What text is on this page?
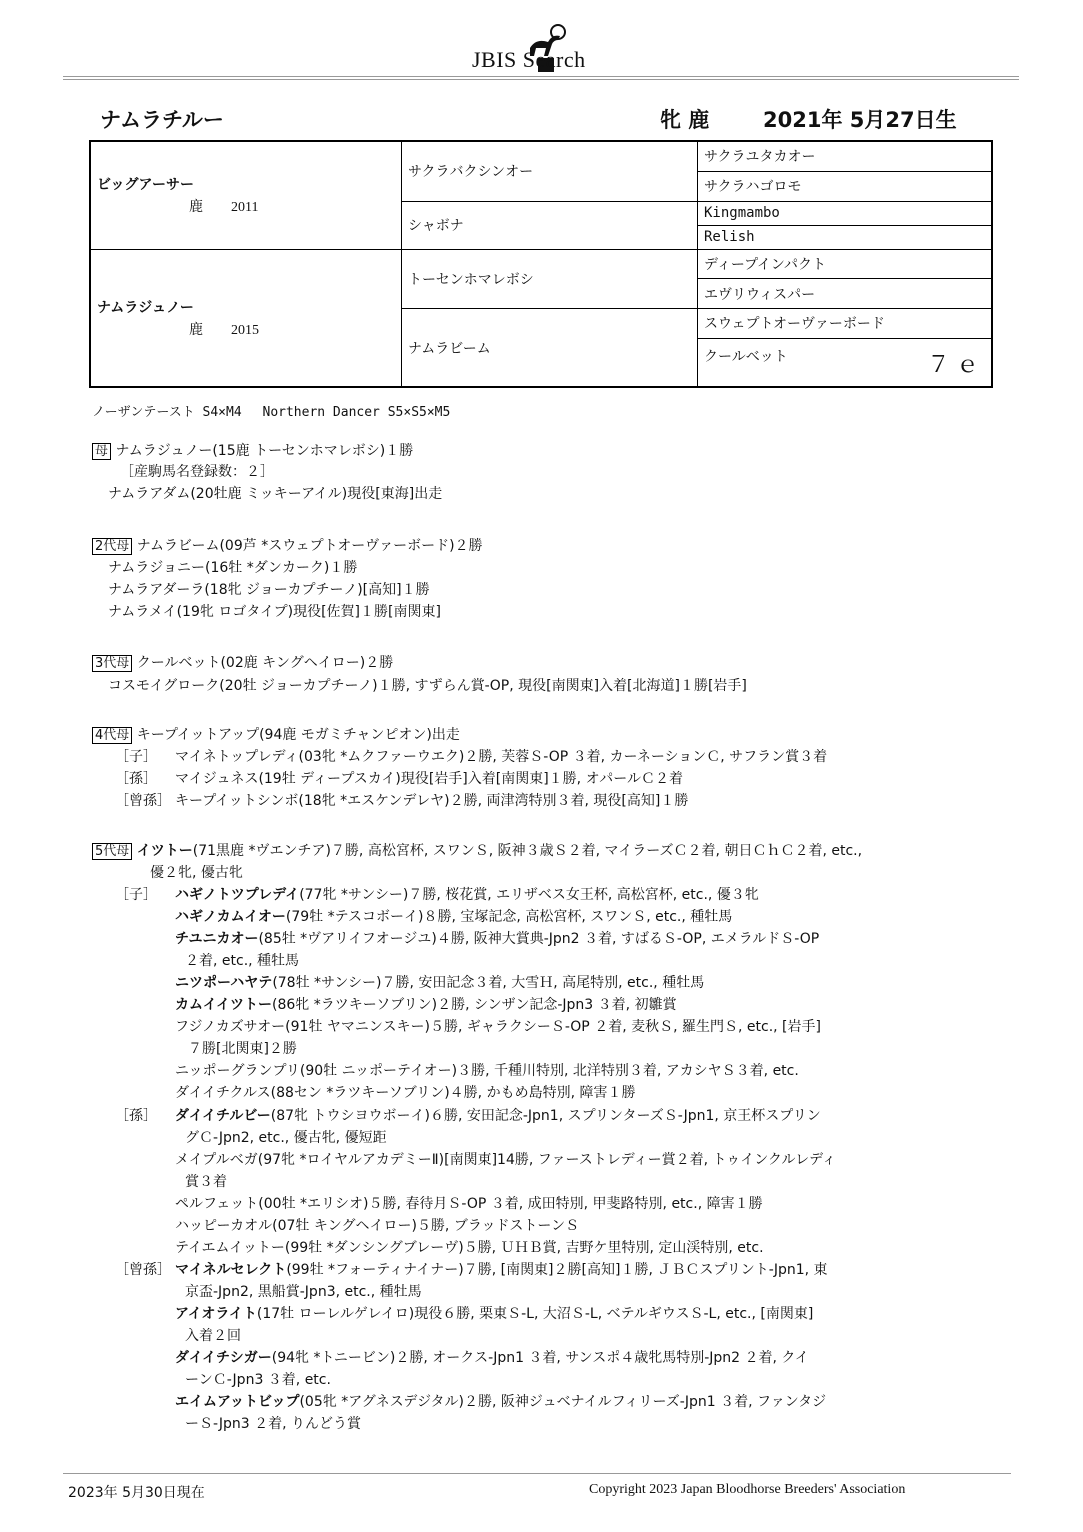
JBIS Search
ナムラチルー	牝 鹿	2021年 5月27日生
ビッグアーサー
鹿 2011	サクラバクシンオー	サクラユタカオー
		サクラハゴロモ
	シャボナ	Kingmambo
		Relish

ナムラジュノー
鹿 2015	トーセンホマレボシ	ディープインパクト
		エヴリウィスパー
	ナムラビーム	スウェプトオーヴァーボード
		クールベット ７ｅ
ノーザンテースト S4×M4　 Northern Dancer S5×S5×M5
母 ナムラジュノー(15鹿 トーセンホマレボシ)１勝
［産駒馬名登録数：２］
ナムラアダム(20牡鹿 ミッキーアイル)現役[東海]出走
2代母 ナムラビーム(09芦 *スウェプトオーヴァーボード)２勝
ナムラジョニー(16牡 *ダンカーク)１勝
ナムラアダーラ(18牝 ジョーカプチーノ)[高知]１勝
ナムラメイ(19牝 ロゴタイプ)現役[佐賀]１勝[南関東]
3代母 クールベット(02鹿 キングヘイロー)２勝
コスモイグローク(20牡 ジョーカプチーノ)１勝, すずらん賞-OP, 現役[南関東]入着[北海道]１勝[岩手]
4代母 キープイットアップ(94鹿 モガミチャンピオン)出走
［子］ マイネトップレディ(03牝 *ムクファーウエク)２勝, 芙蓉Ｓ-OP ３着, カーネーションＣ, サフラン賞３着
［孫］ マイジュネス(19牡 ディープスカイ)現役[岩手]入着[南関東]１勝, オパールＣ２着
［曾孫］ キープイットシンボ(18牝 *エスケンデレヤ)２勝, 両津湾特別３着, 現役[高知]１勝
5代母 イツトー(71黒鹿 *ヴエンチア)７勝, 高松宮杯, スワンＳ, 阪神３歳Ｓ２着, マイラーズＣ２着, 朝日ＣｈＣ２着, etc.,
優２牝, 優古牝
［子］ ハギノトツプレデイ(77牝 *サンシー)７勝, 桜花賞, エリザベス女王杯, 高松宮杯, etc., 優３牝
ハギノカムイオー(79牡 *テスコボーイ)８勝, 宝塚記念, 高松宮杯, スワンＳ, etc., 種牡馬
チユニカオー(85牡 *ヴアリイフオージユ)４勝, 阪神大賞典-Jpn2 ３着, すばるＳ-OP, エメラルドＳ-OP
２着, etc., 種牡馬
ニツポーハヤテ(78牡 *サンシー)７勝, 安田記念３着, 大雪Ｈ, 高尾特別, etc., 種牡馬
カムイイツトー(86牝 *ラツキーソブリン)２勝, シンザン記念-Jpn3 ３着, 初雛賞
フジノカズサオー(91牡 ヤマニンスキー)５勝, ギャラクシーＳ-OP ２着, 麦秋Ｓ, 羅生門Ｓ, etc., [岩手]
７勝[北関東]２勝
ニッポーグランプリ(90牡 ニッポーテイオー)３勝, 千種川特別, 北洋特別３着, アカシヤＳ３着, etc.
ダイイチクルス(88セン *ラツキーソブリン)４勝, かもめ島特別, 障害１勝
［孫］ ダイイチルビー(87牝 トウシヨウボーイ)６勝, 安田記念-Jpn1, スプリンターズＳ-Jpn1, 京王杯スプリン
グＣ-Jpn2, etc., 優古牝, 優短距
メイプルベガ(97牝 *ロイヤルアカデミーⅡ)[南関東]14勝, ファーストレディー賞２着, トゥインクルレディ
賞３着
ペルフェット(00牡 *エリシオ)５勝, 春待月Ｓ-OP ３着, 成田特別, 甲斐路特別, etc., 障害１勝
ハッピーカオル(07牡 キングヘイロー)５勝, ブラッドストーンＳ
テイエムイットー(99牡 *ダンシングブレーヴ)５勝, ＵＨＢ賞, 吉野ケ里特別, 定山渓特別, etc.
［曾孫］ マイネルセレクト(99牡 *フォーティナイナー)７勝, [南関東]２勝[高知]１勝, ＪＢＣスプリント-Jpn1, 東
京盃-Jpn2, 黒船賞-Jpn3, etc., 種牡馬
アイオライト(17牡 ローレルゲレイロ)現役６勝, 栗東Ｓ-L, 大沼Ｓ-L, ベテルギウスＳ-L, etc., [南関東]
入着２回
ダイイチシガー(94牝 *トニービン)２勝, オークス-Jpn1 ３着, サンスポ４歳牝馬特別-Jpn2 ２着, クイ
ーンＣ-Jpn3 ３着, etc.
エイムアットビップ(05牝 *アグネスデジタル)２勝, 阪神ジュベナイルフィリーズ-Jpn1 ３着, ファンタジ
ーＳ-Jpn3 ２着, りんどう賞
2023年 5月30日現在	Copyright 2023 Japan Bloodhorse Breeders' Association
